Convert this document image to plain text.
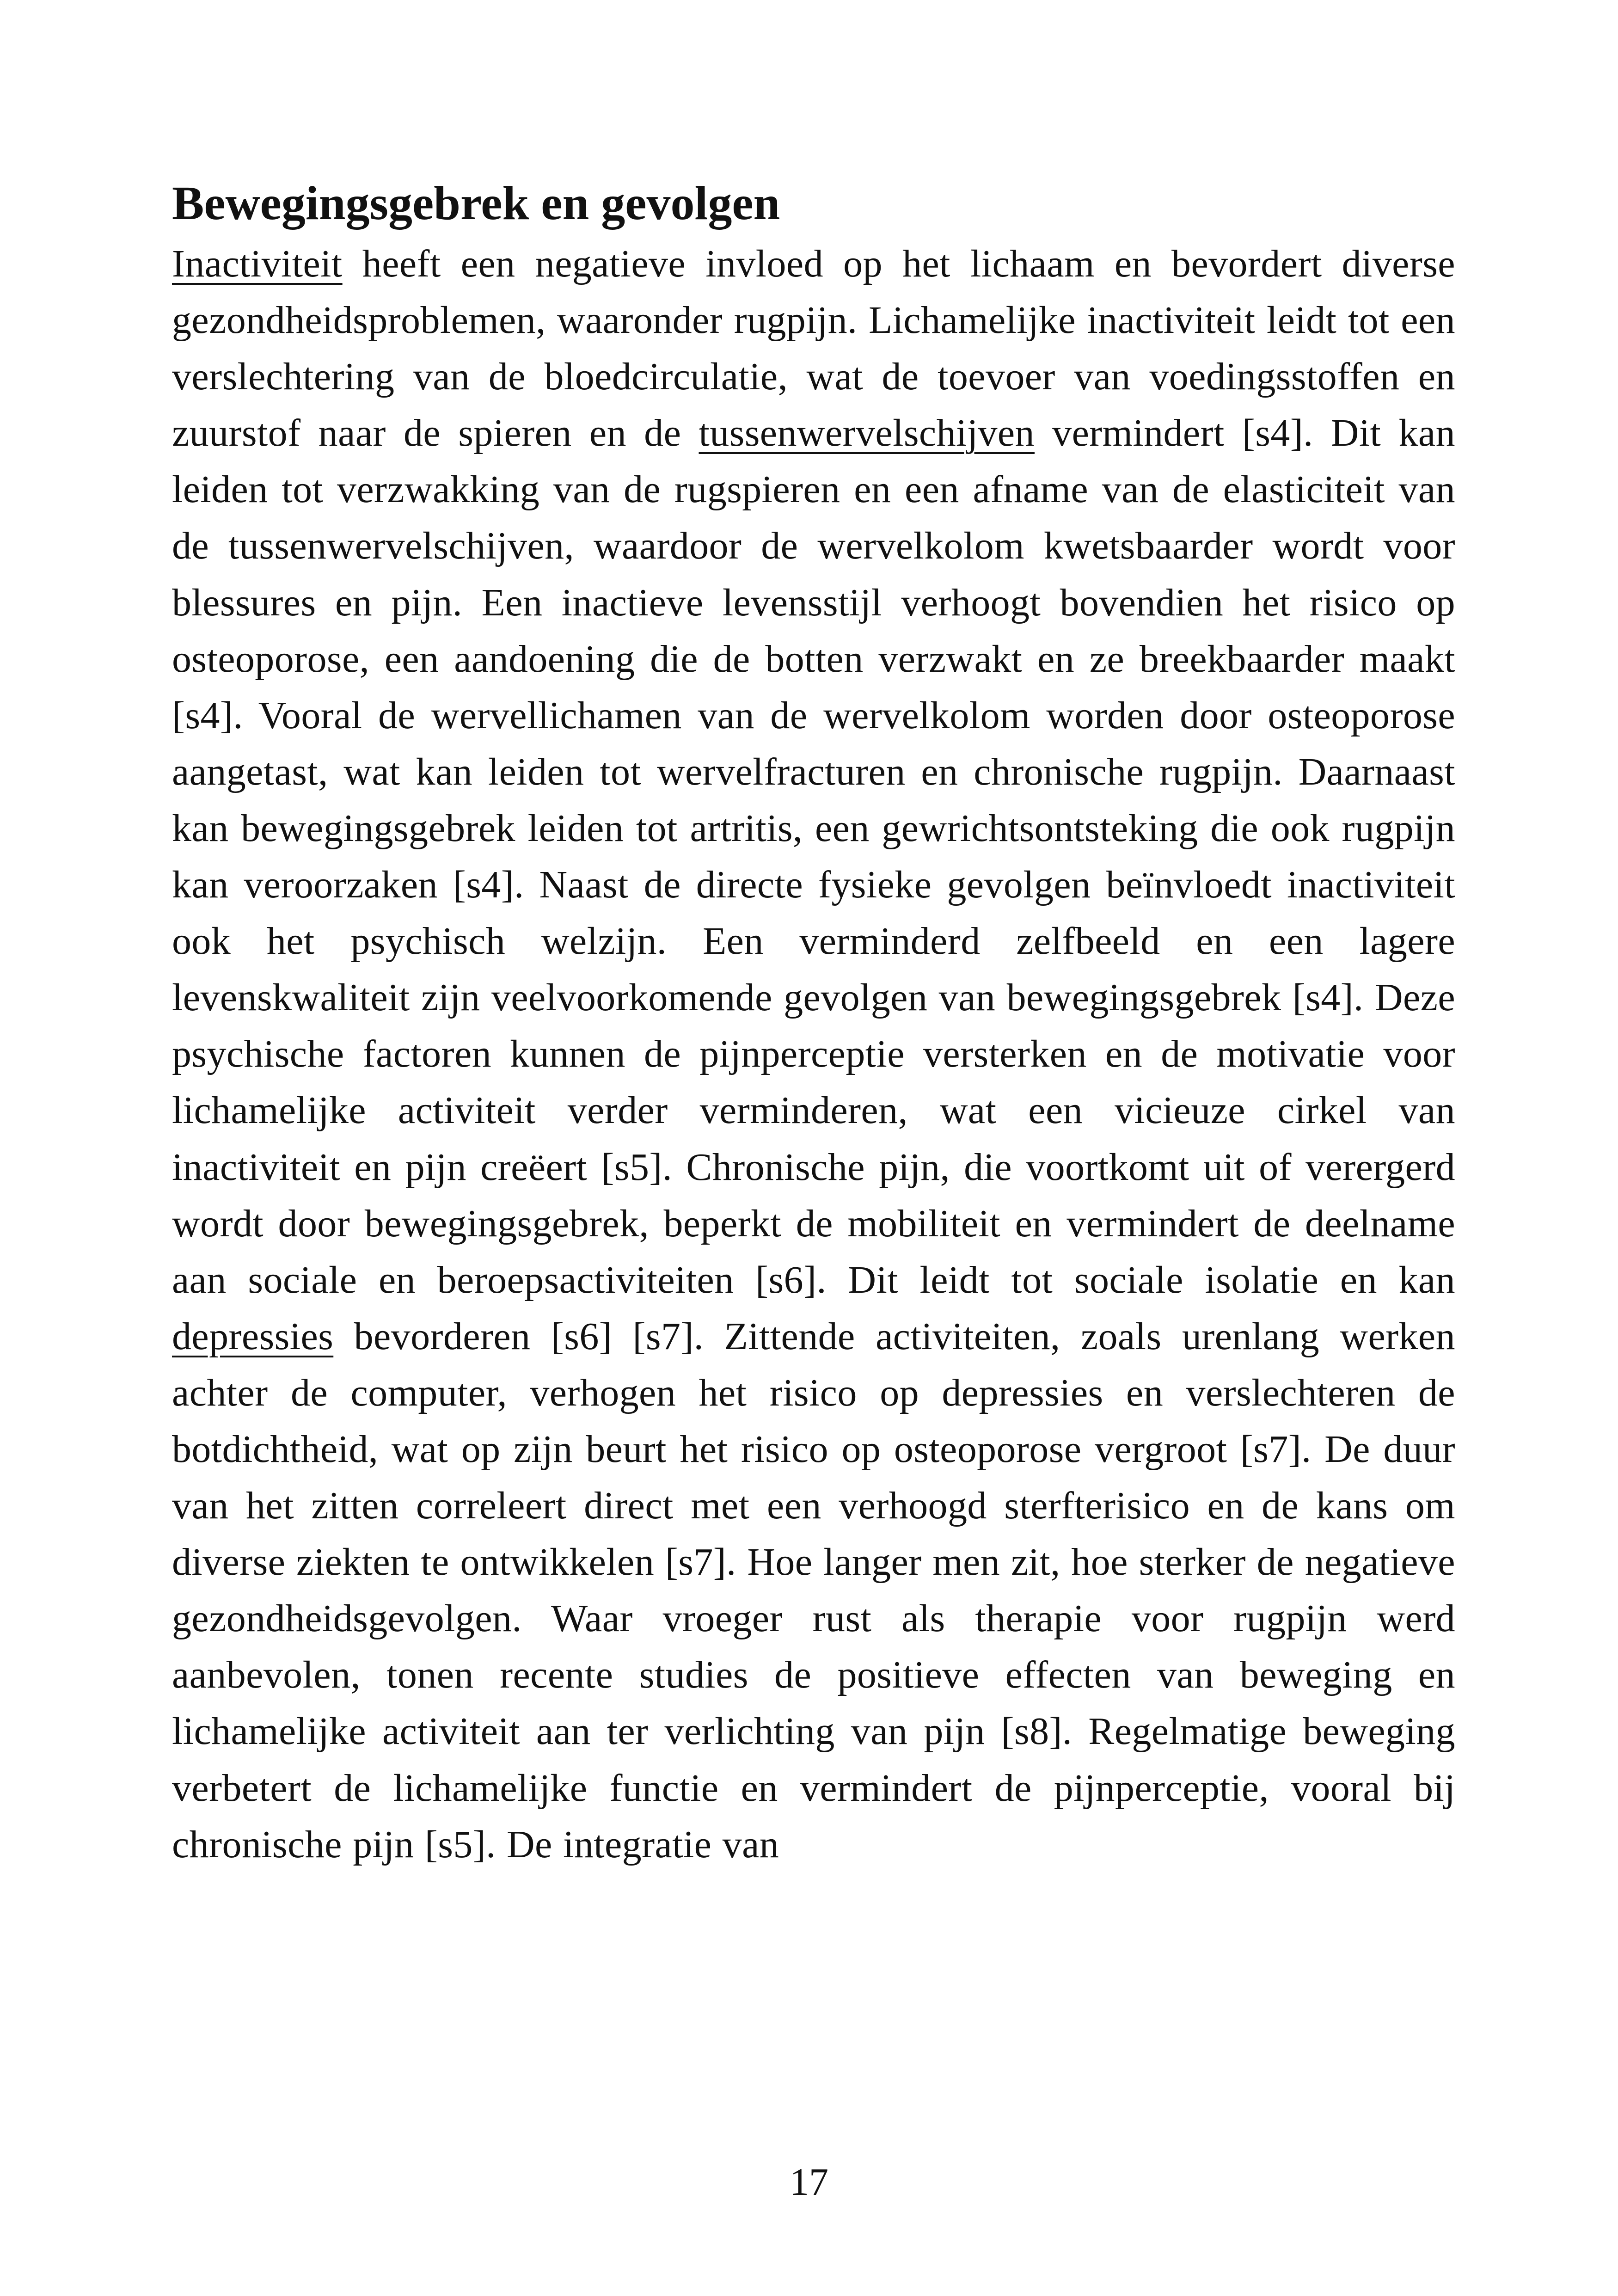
Bewegingsgebrek en gevolgen

Inactiviteit heeft een negatieve invloed op het lichaam en bevordert diverse gezondheidsproblemen, waaronder rugpijn. Lichamelijke inactiviteit leidt tot een verslechtering van de bloedcirculatie, wat de toevoer van voedingsstoffen en zuurstof naar de spieren en de tussenwervelschijven vermindert [s4]. Dit kan leiden tot verzwakking van de rugspieren en een afname van de elasticiteit van de tussenwervelschijven, waardoor de wervelkolom kwetsbaarder wordt voor blessures en pijn. Een inactieve levensstijl verhoogt bovendien het risico op osteoporose, een aandoening die de botten verzwakt en ze breekbaarder maakt [s4]. Vooral de wervellichamen van de wervelkolom worden door osteoporose aangetast, wat kan leiden tot wervelfracturen en chronische rugpijn. Daarnaast kan bewegingsgebrek leiden tot artritis, een gewrichtsontsteking die ook rugpijn kan veroorzaken [s4]. Naast de directe fysieke gevolgen beïnvloedt inactiviteit ook het psychisch welzijn. Een verminderd zelfbeeld en een lagere levenskwaliteit zijn veelvoorkomende gevolgen van bewegingsgebrek [s4]. Deze psychische factoren kunnen de pijnperceptie versterken en de motivatie voor lichamelijke activiteit verder verminderen, wat een vicieuze cirkel van inactiviteit en pijn creëert [s5]. Chronische pijn, die voortkomt uit of verergerd wordt door bewegingsgebrek, beperkt de mobiliteit en vermindert de deelname aan sociale en beroepsactiviteiten [s6]. Dit leidt tot sociale isolatie en kan depressies bevorderen [s6] [s7]. Zittende activiteiten, zoals urenlang werken achter de computer, verhogen het risico op depressies en verslechteren de botdichtheid, wat op zijn beurt het risico op osteoporose vergroot [s7]. De duur van het zitten correleert direct met een verhoogd sterfterisico en de kans om diverse ziekten te ontwikkelen [s7]. Hoe langer men zit, hoe sterker de negatieve gezondheidsgevolgen. Waar vroeger rust als therapie voor rugpijn werd aanbevolen, tonen recente studies de positieve effecten van beweging en lichamelijke activiteit aan ter verlichting van pijn [s8]. Regelmatige beweging verbetert de lichamelijke functie en vermindert de pijnperceptie, vooral bij chronische pijn [s5]. De integratie van

17
